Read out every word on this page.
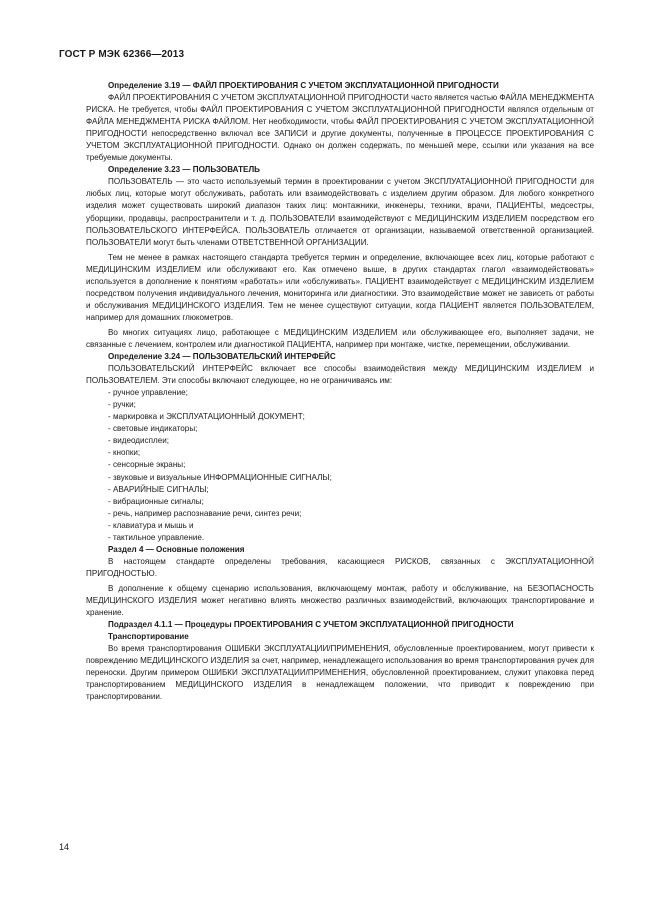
ГОСТ Р МЭК 62366—2013

Определение 3.19 — ФАЙЛ ПРОЕКТИРОВАНИЯ С УЧЕТОМ ЭКСПЛУАТАЦИОННОЙ ПРИГОДНОСТИ

ФАЙЛ ПРОЕКТИРОВАНИЯ С УЧЕТОМ ЭКСПЛУАТАЦИОННОЙ ПРИГОДНОСТИ часто является частью ФАЙЛА МЕНЕДЖМЕНТА РИСКА. Не требуется, чтобы ФАЙЛ ПРОЕКТИРОВАНИЯ С УЧЕТОМ ЭКСПЛУАТАЦИОННОЙ ПРИГОДНОСТИ являлся отдельным от ФАЙЛА МЕНЕДЖМЕНТА РИСКА ФАЙЛОМ. Нет необходимости, чтобы ФАЙЛ ПРОЕКТИРОВАНИЯ С УЧЕТОМ ЭКСПЛУАТАЦИОННОЙ ПРИГОДНОСТИ непосредственно включал все ЗАПИСИ и другие документы, полученные в ПРОЦЕССЕ ПРОЕКТИРОВАНИЯ С УЧЕТОМ ЭКСПЛУАТАЦИОННОЙ ПРИГОДНОСТИ. Однако он должен содержать, по меньшей мере, ссылки или указания на все требуемые документы.

Определение 3.23 — ПОЛЬЗОВАТЕЛЬ

ПОЛЬЗОВАТЕЛЬ — это часто используемый термин в проектировании с учетом ЭКСПЛУАТАЦИОННОЙ ПРИГОДНОСТИ для любых лиц, которые могут обслуживать, работать или взаимодействовать с изделием другим образом. Для любого конкретного изделия может существовать широкий диапазон таких лиц: монтажники, инженеры, техники, врачи, ПАЦИЕНТЫ, медсестры, уборщики, продавцы, распространители и т. д. ПОЛЬЗОВАТЕЛИ взаимодействуют с МЕДИЦИНСКИМ ИЗДЕЛИЕМ посредством его ПОЛЬЗОВАТЕЛЬСКОГО ИНТЕРФЕЙСА. ПОЛЬЗОВАТЕЛЬ отличается от организации, называемой ответственной организацией. ПОЛЬЗОВАТЕЛИ могут быть членами ОТВЕТСТВЕННОЙ ОРГАНИЗАЦИИ.

Тем не менее в рамках настоящего стандарта требуется термин и определение, включающее всех лиц, которые работают с МЕДИЦИНСКИМ ИЗДЕЛИЕМ или обслуживают его. Как отмечено выше, в других стандартах глагол «взаимодействовать» используется в дополнение к понятиям «работать» или «обслуживать». ПАЦИЕНТ взаимодействует с МЕДИЦИНСКИМ ИЗДЕЛИЕМ посредством получения индивидуального лечения, мониторинга или диагностики. Это взаимодействие может не зависеть от работы и обслуживания МЕДИЦИНСКОГО ИЗДЕЛИЯ. Тем не менее существуют ситуации, когда ПАЦИЕНТ является ПОЛЬЗОВАТЕЛЕМ, например для домашних глюкометров.

Во многих ситуациях лицо, работающее с МЕДИЦИНСКИМ ИЗДЕЛИЕМ или обслуживающее его, выполняет задачи, не связанные с лечением, контролем или диагностикой ПАЦИЕНТА, например при монтаже, чистке, перемещении, обслуживании.

Определение 3.24 — ПОЛЬЗОВАТЕЛЬСКИЙ ИНТЕРФЕЙС

ПОЛЬЗОВАТЕЛЬСКИЙ ИНТЕРФЕЙС включает все способы взаимодействия между МЕДИЦИНСКИМ ИЗДЕЛИЕМ и ПОЛЬЗОВАТЕЛЕМ. Эти способы включают следующее, но не ограничиваясь им:

- ручное управление;

- ручки;

- маркировка и ЭКСПЛУАТАЦИОННЫЙ ДОКУМЕНТ;

- световые индикаторы;

- видеодисплеи;

- кнопки;

- сенсорные экраны;

- звуковые и визуальные ИНФОРМАЦИОННЫЕ СИГНАЛЫ;

- АВАРИЙНЫЕ СИГНАЛЫ;

- вибрационные сигналы;

- речь, например распознавание речи, синтез речи;

- клавиатура и мышь и

- тактильное управление.

Раздел 4 — Основные положения

В настоящем стандарте определены требования, касающиеся РИСКОВ, связанных с ЭКСПЛУАТАЦИОННОЙ ПРИГОДНОСТЬЮ.

В дополнение к общему сценарию использования, включающему монтаж, работу и обслуживание, на БЕЗОПАСНОСТЬ МЕДИЦИНСКОГО ИЗДЕЛИЯ может негативно влиять множество различных взаимодействий, включающих транспортирование и хранение.

Подраздел 4.1.1 — Процедуры ПРОЕКТИРОВАНИЯ С УЧЕТОМ ЭКСПЛУАТАЦИОННОЙ ПРИГОДНОСТИ

Транспортирование

Во время транспортирования ОШИБКИ ЭКСПЛУАТАЦИИ/ПРИМЕНЕНИЯ, обусловленные проектированием, могут привести к повреждению МЕДИЦИНСКОГО ИЗДЕЛИЯ за счет, например, ненадлежащего использования во время транспортирования ручек для переноски. Другим примером ОШИБКИ ЭКСПЛУАТАЦИИ/ПРИМЕНЕНИЯ, обусловленной проектированием, служит упаковка перед транспортированием МЕДИЦИНСКОГО ИЗДЕЛИЯ в ненадлежащем положении, что приводит к повреждению при транспортировании.

14
